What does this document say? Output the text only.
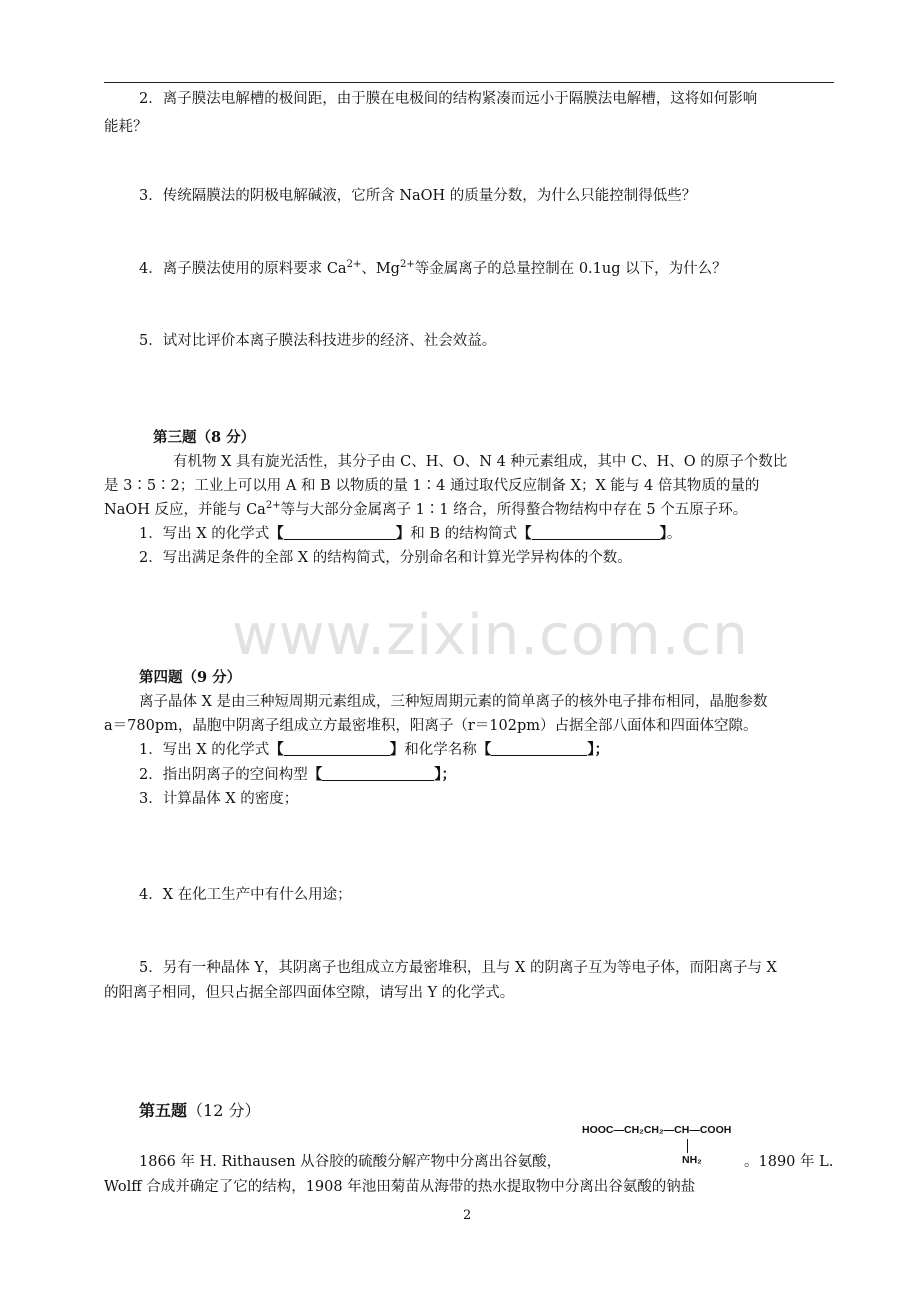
2．离子膜法电解槽的极间距，由于膜在电极间的结构紧凑而远小于隔膜法电解槽，这将如何影响
能耗？
3．传统隔膜法的阴极电解碱液，它所含 NaOH 的质量分数，为什么只能控制得低些？
4．离子膜法使用的原料要求 $Ca^{2+}$、$Mg^{2+}$等金属离子的总量控制在 0.1ug 以下，为什么？
5．试对比评价本离子膜法科技进步的经济、社会效益。
第三题（8 分）
有机物 X 具有旋光活性，其分子由 C、H、O、N 4 种元素组成，其中 C、H、O 的原子个数比
是 3∶5∶2；工业上可以用 A 和 B 以物质的量 1∶4 通过取代反应制备 X；X 能与 4 倍其物质的量的
NaOH 反应，并能与 $Ca^{2+}$等与大部分金属离子 1∶1 络合，所得螯合物结构中存在 5 个五原子环。
1．写出 X 的化学式【	】和 B 的结构简式【	】。
2．写出满足条件的全部 X 的结构简式，分别命名和计算光学异构体的个数。
www.zixin.com.cn
第四题（9 分）
离子晶体 X 是由三种短周期元素组成，三种短周期元素的简单离子的核外电子排布相同，晶胞参数
a＝780pm，晶胞中阴离子组成立方最密堆积，阳离子（r＝102pm）占据全部八面体和四面体空隙。
1．写出 X 的化学式【	】和化学名称【	】；
2．指出阴离子的空间构型【	】；
3．计算晶体 X 的密度；
4．X 在化工生产中有什么用途；
5．另有一种晶体 Y，其阴离子也组成立方最密堆积，且与 X 的阴离子互为等电子体，而阳离子与 X
的阳离子相同，但只占据全部四面体空隙，请写出 Y 的化学式。
第五题（12 分）
HOOC—CH₂CH₂—CH—COOH
NH₂
1866 年 H. Rithausen 从谷胶的硫酸分解产物中分离出谷氨酸，	。1890 年 L.
Wolff 合成并确定了它的结构，1908 年池田菊苗从海带的热水提取物中分离出谷氨酸的钠盐
2
